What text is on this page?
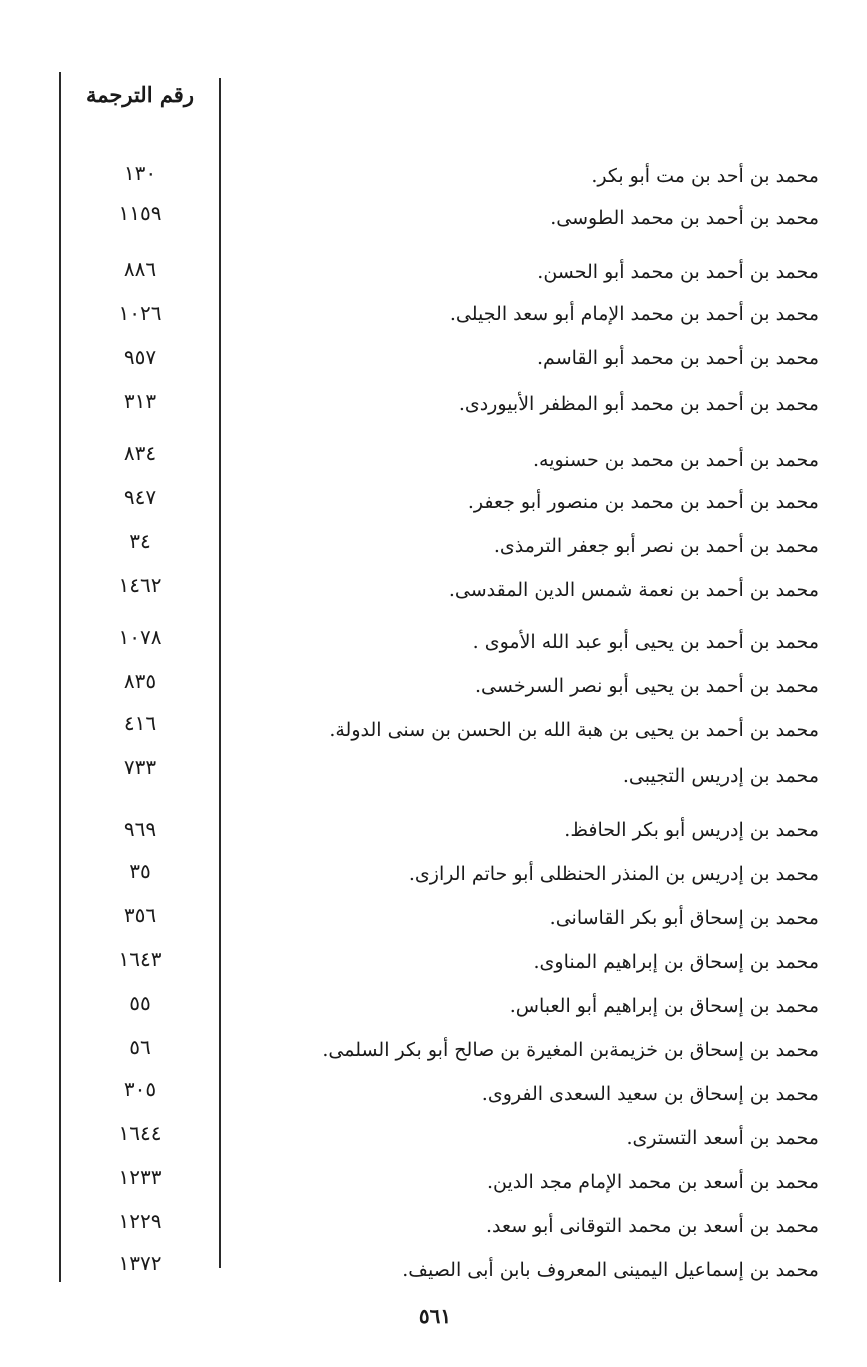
رقم الترجمة
١٣٠	محمد بن أحد بن مت أبو بكر.
١١٥٩	محمد بن أحمد بن محمد الطوسى.
٨٨٦	محمد بن أحمد بن محمد أبو الحسن.
١٠٢٦	محمد بن أحمد بن محمد الإمام أبو سعد الجيلى.
٩٥٧	محمد بن أحمد بن محمد أبو القاسم.
٣١٣	محمد بن أحمد بن محمد أبو المظفر الأبيوردى.
٨٣٤	محمد بن أحمد بن محمد بن حسنويه.
٩٤٧	محمد بن أحمد بن محمد بن منصور أبو جعفر.
٣٤	محمد بن أحمد بن نصر أبو جعفر الترمذى.
١٤٦٢	محمد بن أحمد بن نعمة شمس الدين المقدسى.
١٠٧٨	محمد بن أحمد بن يحيى أبو عبد الله الأموى .
٨٣٥	محمد بن أحمد بن يحيى أبو نصر السرخسى.
٤١٦	محمد بن أحمد بن يحيى بن هبة الله بن الحسن بن سنى الدولة.
٧٣٣	محمد بن إدريس التجيبى.
٩٦٩	محمد بن إدريس أبو بكر الحافظ.
٣٥	محمد بن إدريس بن المنذر الحنظلى أبو حاتم الرازى.
٣٥٦	محمد بن إسحاق أبو بكر القاسانى.
١٦٤٣	محمد بن إسحاق بن إبراهيم المناوى.
٥٥	محمد بن إسحاق بن إبراهيم أبو العباس.
٥٦	محمد بن إسحاق بن خزيمةبن المغيرة بن صالح أبو بكر السلمى.
٣٠٥	محمد بن إسحاق بن سعيد السعدى الفروى.
١٦٤٤	محمد بن أسعد التسترى.
١٢٣٣	محمد بن أسعد بن محمد الإمام مجد الدين.
١٢٢٩	محمد بن أسعد بن محمد التوقانى أبو سعد.
١٣٧٢	محمد بن إسماعيل اليمينى المعروف بابن أبى الصيف.
٥٦١
